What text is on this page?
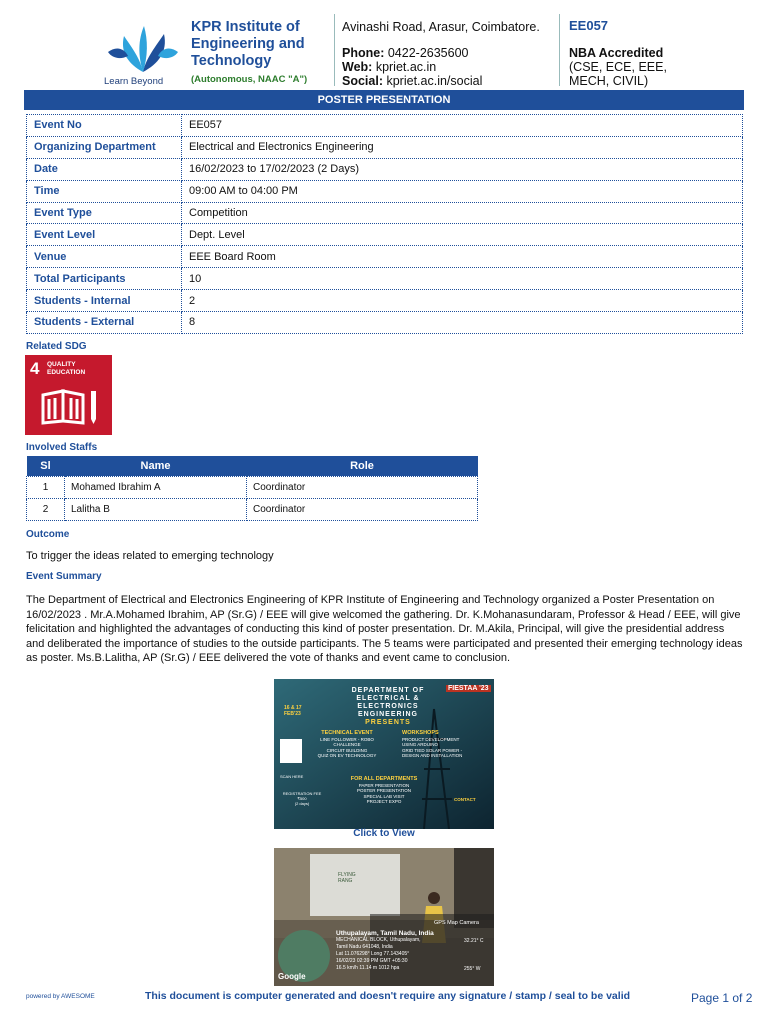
Learn Beyond
KPR Institute of
Engineering and
Technology
(Autonomous, NAAC "A")
Avinashi Road, Arasur, Coimbatore.
Phone: 0422-2635600
Web: kpriet.ac.in
Social: kpriet.ac.in/social
EE057
NBA Accredited
(CSE, ECE, EEE,
MECH, CIVIL)
POSTER PRESENTATION
Event No	EE057
Organizing Department	Electrical and Electronics Engineering
Date	16/02/2023 to 17/02/2023 (2 Days)
Time	09:00 AM to 04:00 PM
Event Type	Competition
Event Level	Dept. Level
Venue	EEE Board Room
Total Participants	10
Students - Internal	2
Students - External	8
Related SDG
4 QUALITY
EDUCATION
Involved Staffs
Sl	Name	Role
1	Mohamed Ibrahim A	Coordinator
2	Lalitha B	Coordinator
Outcome
To trigger the ideas related to emerging technology
Event Summary
The Department of Electrical and Electronics Engineering of KPR Institute of Engineering and Technology organized a Poster Presentation on 16/02/2023 . Mr.A.Mohamed Ibrahim, AP (Sr.G) / EEE will give welcomed the gathering. Dr. K.Mohanasundaram, Professor & Head / EEE, will give felicitation and highlighted the advantages of conducting this kind of poster presentation. Dr. M.Akila, Principal, will give the presidential address and deliberated the importance of studies to the outside participants. The 5 teams were participated and presented their emerging technology ideas as poster. Ms.B.Lalitha, AP (Sr.G) / EEE delivered the vote of thanks and event came to conclusion.
DEPARTMENT OF
ELECTRICAL &
ELECTRONICS ENGINEERING
PRESENTS
FIESTAA '23
16 & 17
FEB'23
TECHNICAL EVENT
LINE FOLLOWER - ROBO
CHALLENGE
CIRCUIT BUILDING
QUIZ ON EV TECHNOLOGY
WORKSHOPS
PRODUCT DEVELOPMENT
USING ARDUINO
GRID TIED SOLAR POWER -
DESIGN AND INSTALLATION
SCAN HERE	FOR ALL DEPARTMENTS
PAPER PRESENTATION
POSTER PRESENTATION
SPECIAL LAB VISIT
PROJECT EXPO
REGISTRATION FEE
₹500
(2 days)
CONTACT
Click to View
FLYING
RANG
GPS Map Camera
Uthupalayam, Tamil Nadu, India
MECHANICAL BLOCK, Uthupalayam,
Tamil Nadu 641048, India
Lat 11.076298° Long 77.143405°
16/02/23 02:39 PM GMT +05:30
16.5 km/h 11.14 m 1012 hpa
32.21° C
255° W
Google
powered by AWESOME	This document is computer generated and doesn't require any signature / stamp / seal to be valid	Page 1 of 2
